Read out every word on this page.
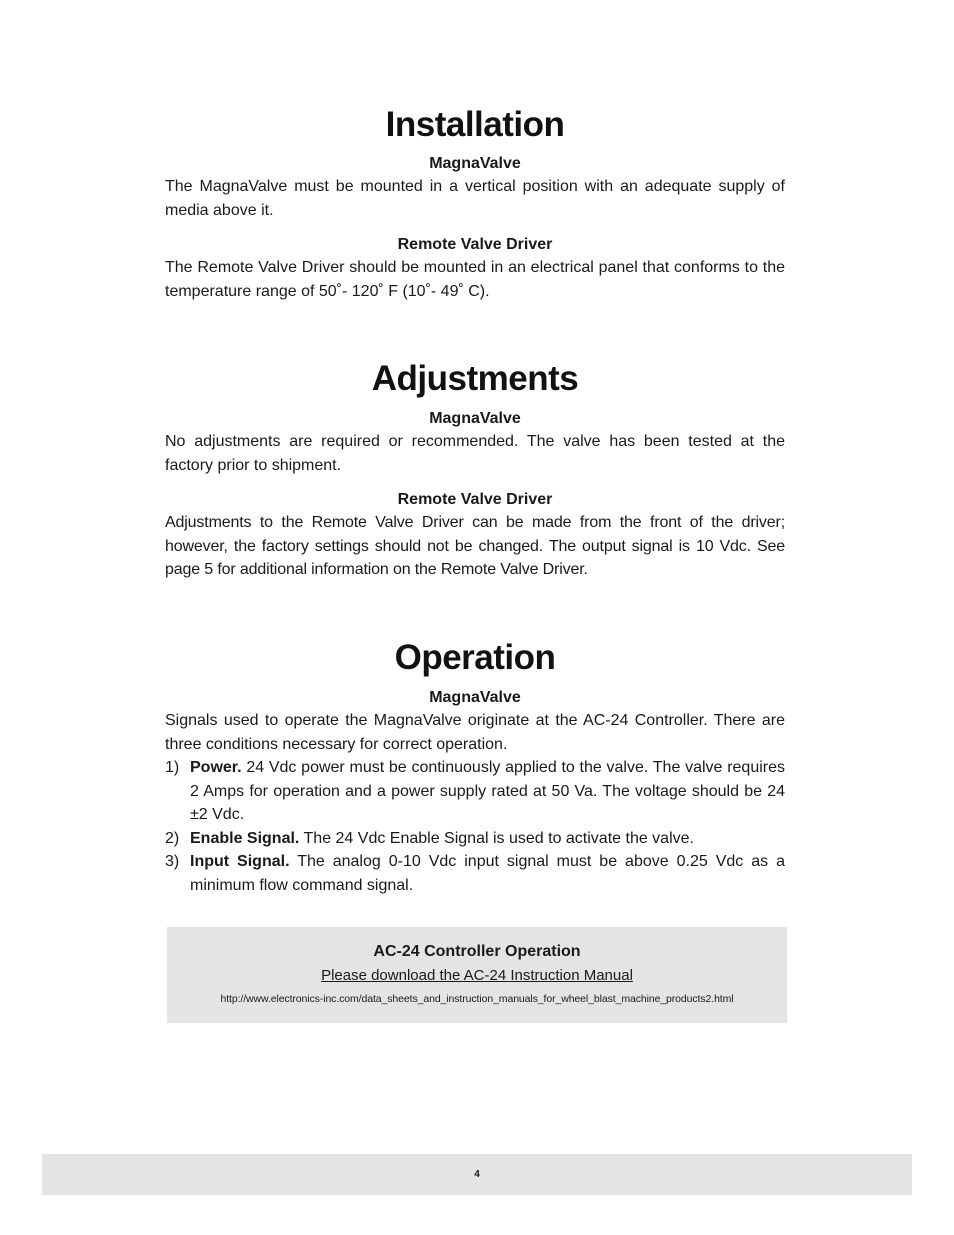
Installation
MagnaValve

The MagnaValve must be mounted in a vertical position with an adequate supply of media above it.

Remote Valve Driver

The Remote Valve Driver should be mounted in an electrical panel that conforms to the temperature range of 50˚- 120˚ F (10˚- 49˚ C).

Adjustments
MagnaValve

No adjustments are required or recommended. The valve has been tested at the factory prior to shipment.

Remote Valve Driver

Adjustments to the Remote Valve Driver can be made from the front of the driver; however, the factory settings should not be changed. The output signal is 10 Vdc. See page 5 for additional information on the Remote Valve Driver.

Operation
MagnaValve

Signals used to operate the MagnaValve originate at the AC-24 Controller. There are three conditions necessary for correct operation.

1) Power. 24 Vdc power must be continuously applied to the valve. The valve requires 2 Amps for operation and a power supply rated at 50 Va. The voltage should be 24 ±2 Vdc.
2) Enable Signal. The 24 Vdc Enable Signal is used to activate the valve.
3) Input Signal. The analog 0-10 Vdc input signal must be above 0.25 Vdc as a minimum flow command signal.
AC-24 Controller Operation
Please download the AC-24 Instruction Manual
http://www.electronics-inc.com/data_sheets_and_instruction_manuals_for_wheel_blast_machine_products2.html
4
